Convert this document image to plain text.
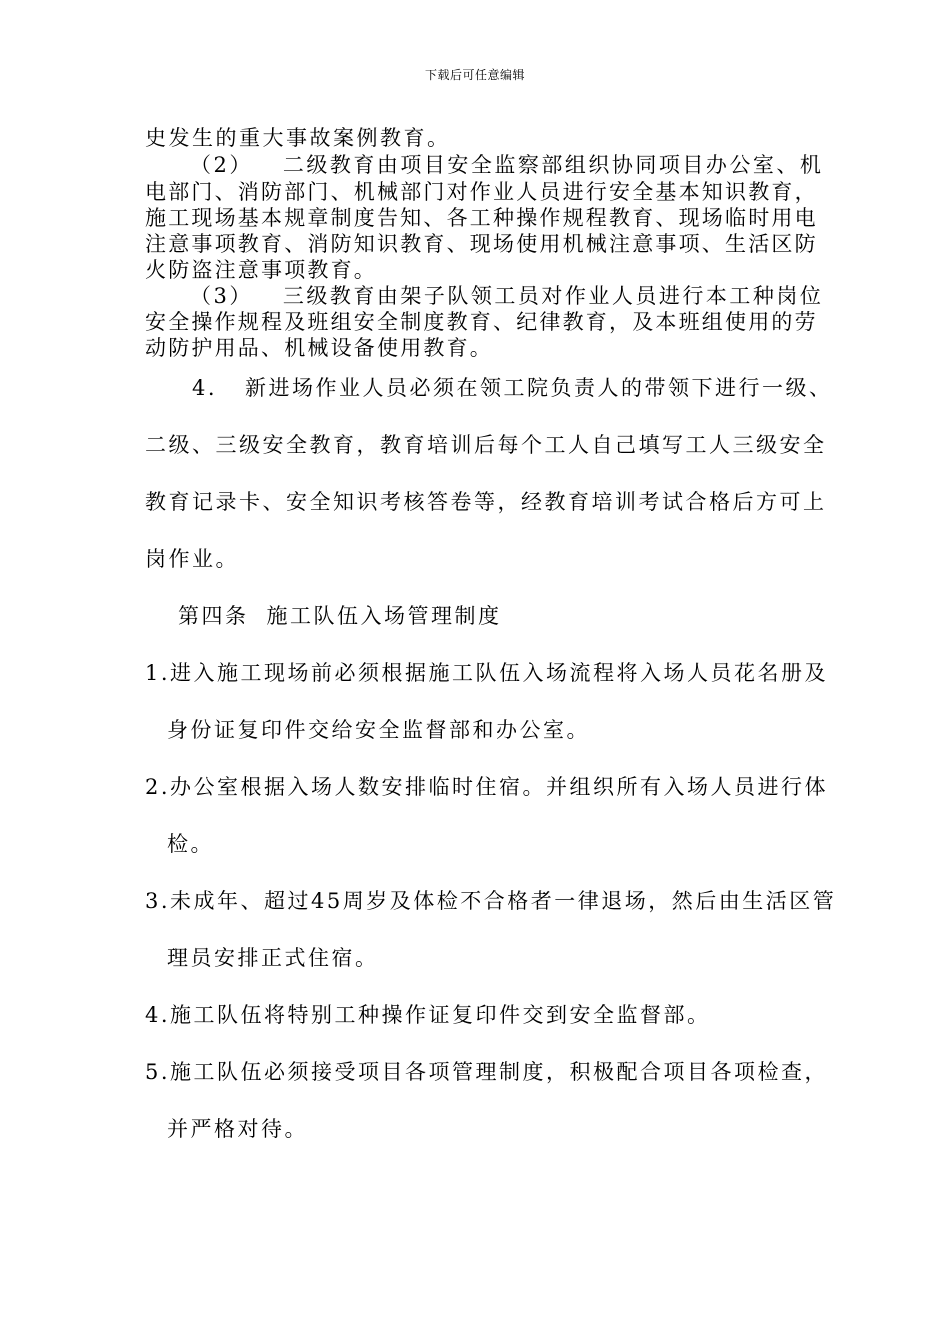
下载后可任意编辑
史发生的重大事故案例教育。
（2） 二级教育由项目安全监察部组织协同项目办公室、机
电部门、消防部门、机械部门对作业人员进行安全基本知识教育，
施工现场基本规章制度告知、各工种操作规程教育、现场临时用电
注意事项教育、消防知识教育、现场使用机械注意事项、生活区防
火防盗注意事项教育。
（3） 三级教育由架子队领工员对作业人员进行本工种岗位
安全操作规程及班组安全制度教育、纪律教育，及本班组使用的劳
动防护用品、机械设备使用教育。
4. 新进场作业人员必须在领工院负责人的带领下进行一级、
二级、三级安全教育，教育培训后每个工人自己填写工人三级安全
教育记录卡、安全知识考核答卷等，经教育培训考试合格后方可上
岗作业。
第四条 施工队伍入场管理制度
1.进入施工现场前必须根据施工队伍入场流程将入场人员花名册及
身份证复印件交给安全监督部和办公室。
2.办公室根据入场人数安排临时住宿。并组织所有入场人员进行体
检。
3.未成年、超过45周岁及体检不合格者一律退场，然后由生活区管
理员安排正式住宿。
4.施工队伍将特别工种操作证复印件交到安全监督部。
5.施工队伍必须接受项目各项管理制度，积极配合项目各项检查，
并严格对待。
